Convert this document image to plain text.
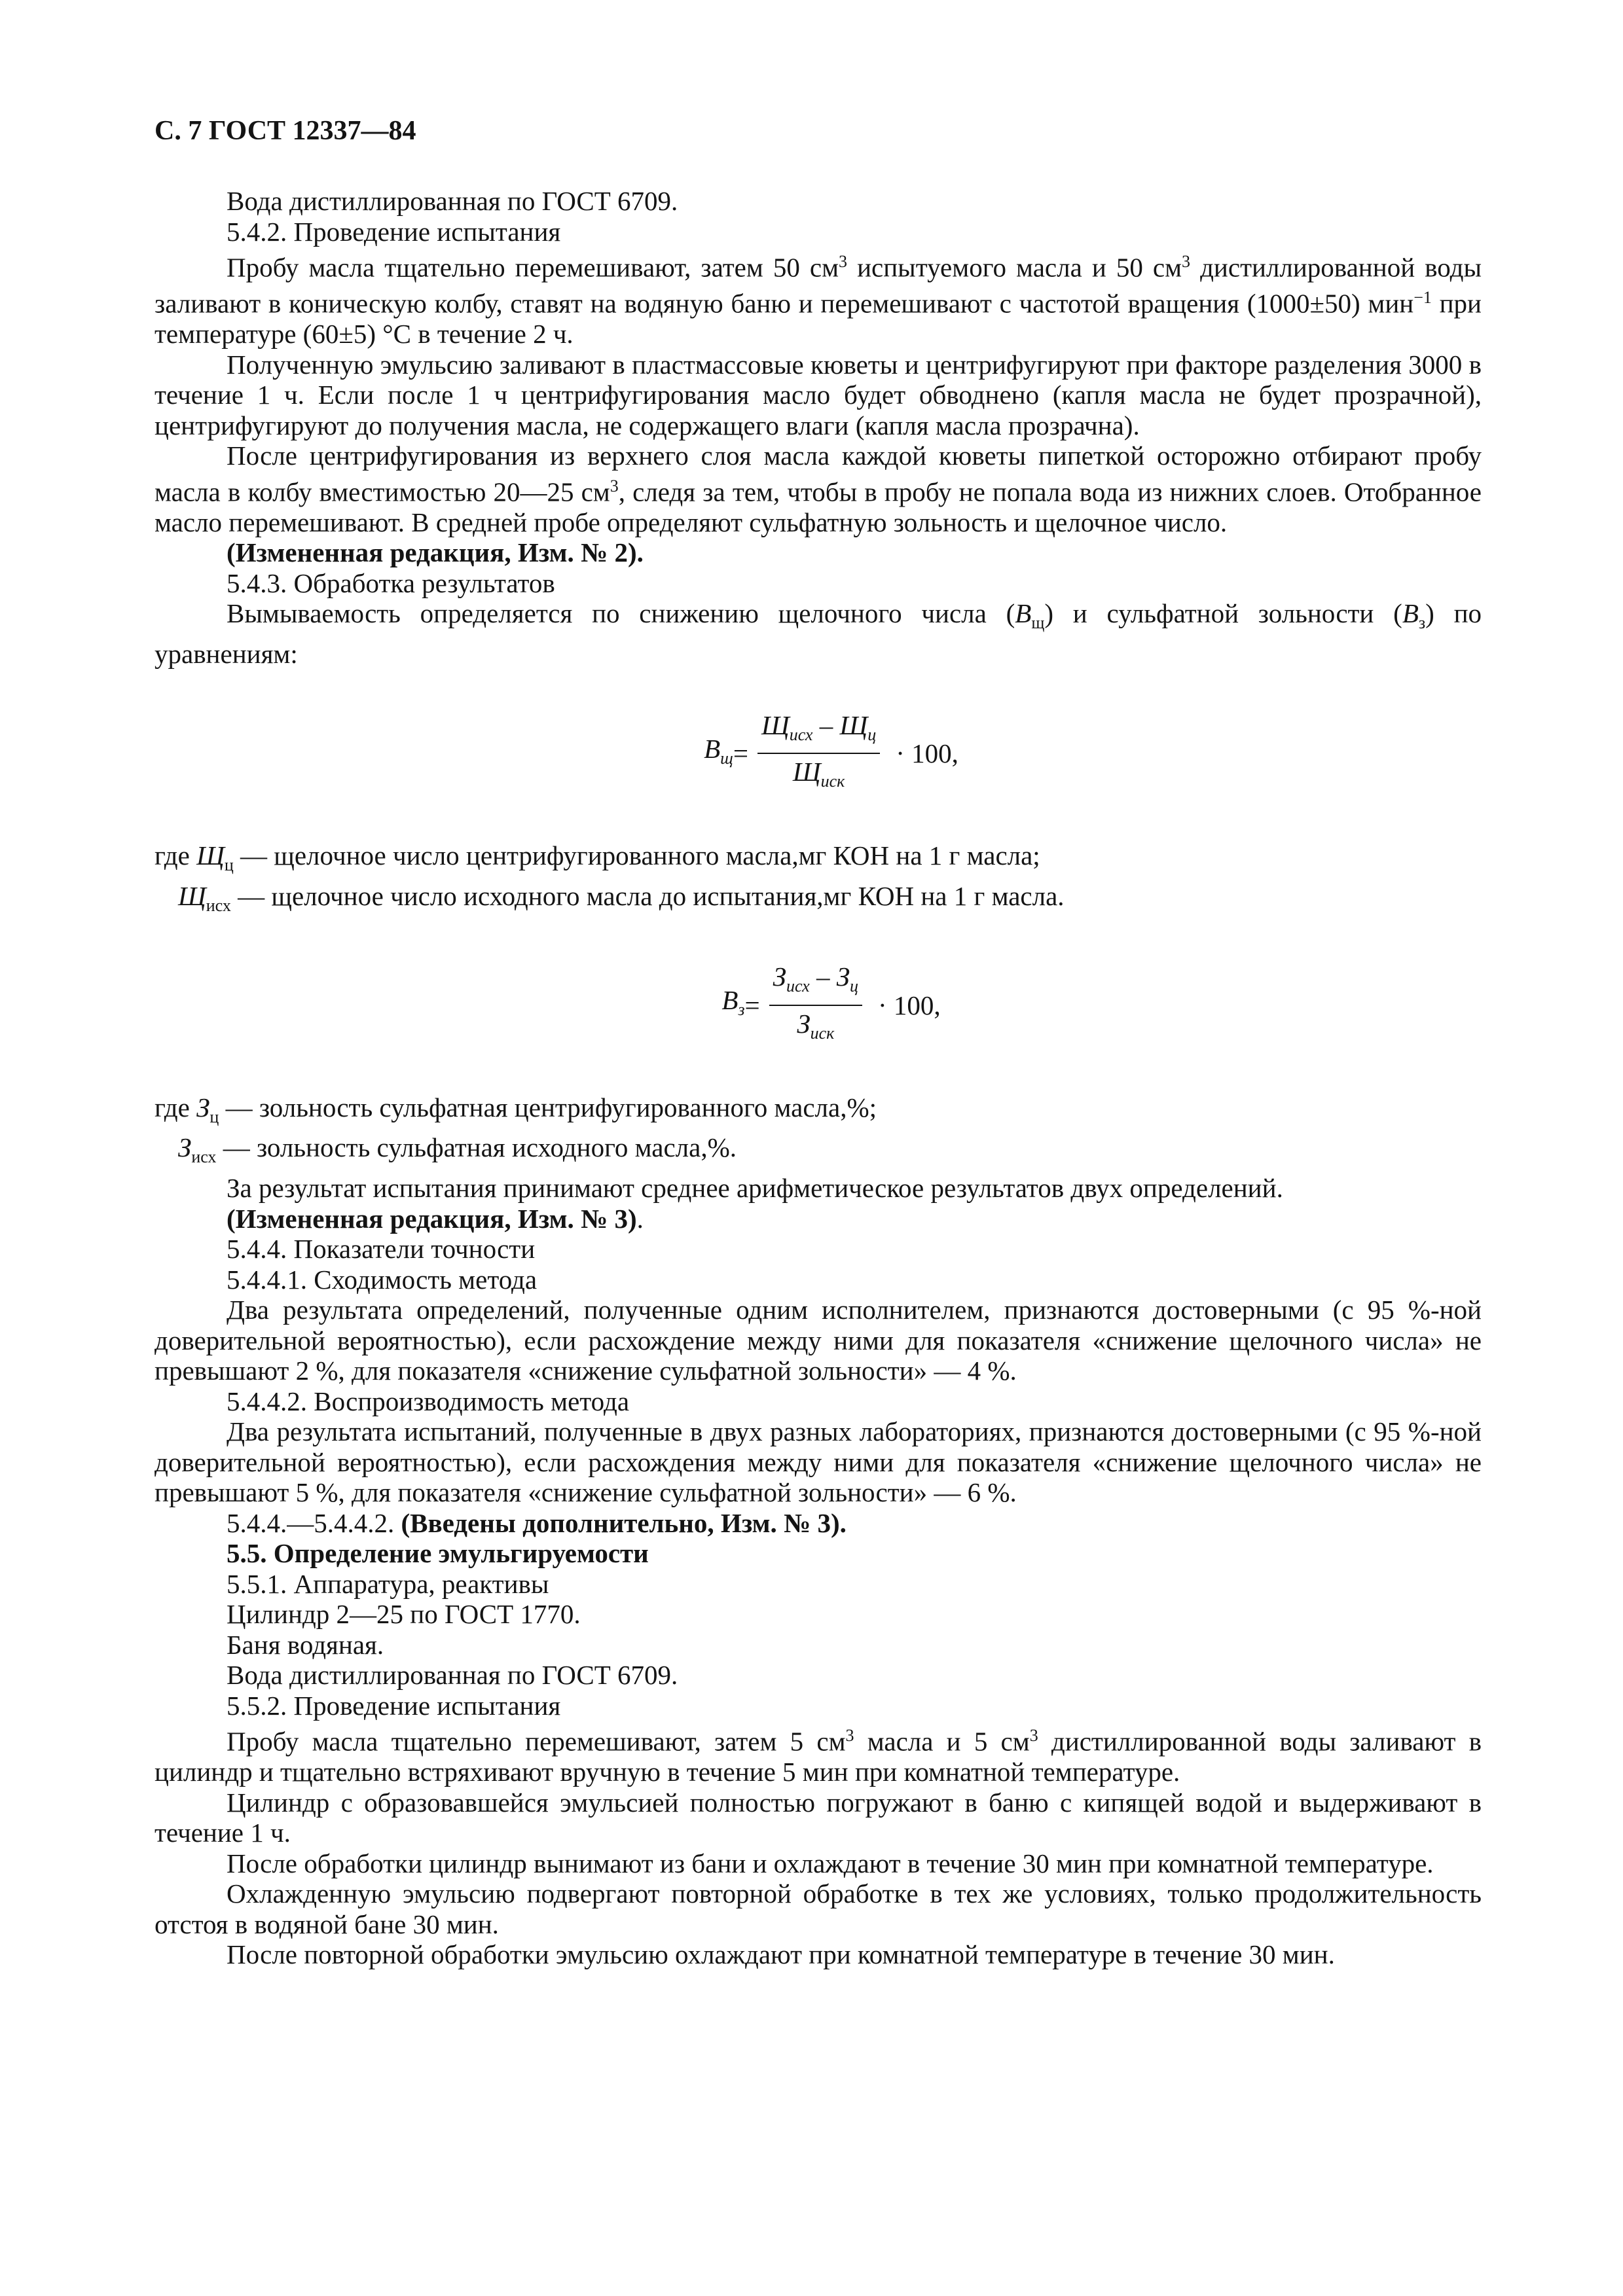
С. 7 ГОСТ 12337—84

Вода дистиллированная по ГОСТ 6709.

5.4.2. Проведение испытания

Пробу масла тщательно перемешивают, затем 50 $см^3$ испытуемого масла и 50 $см^3$ дистиллированной воды заливают в коническую колбу, ставят на водяную баню и перемешивают с частотой вращения (1000±50) мин$^{-1}$ при температуре (60±5) °С в течение 2 ч.

Полученную эмульсию заливают в пластмассовые кюветы и центрифугируют при факторе разделения 3000 в течение 1 ч. Если после 1 ч центрифугирования масло будет обводнено (капля масла не будет прозрачной), центрифугируют до получения масла, не содержащего влаги (капля масла прозрачна).

После центрифугирования из верхнего слоя масла каждой кюветы пипеткой осторожно отбирают пробу масла в колбу вместимостью 20—25 $см^3$, следя за тем, чтобы в пробу не попала вода из нижних слоев. Отобранное масло перемешивают. В средней пробе определяют сульфатную зольность и щелочное число.

(Измененная редакция, Изм. № 2).

5.4.3. Обработка результатов

Вымываемость определяется по снижению щелочного числа $(В_щ)$ и сульфатной зольности $(В_з)$ по уравнениям:

$В_щ = \frac{Щ_{исх} - Щ_ц}{Щ_{иск}} \cdot 100$,

где $Щ_ц$ — щелочное число центрифугированного масла,мг КОН на 1 г масла;

$Щ_{исх}$ — щелочное число исходного масла до испытания,мг КОН на 1 г масла.

$В_з = \frac{З_{исх} - З_ц}{З_{иск}} \cdot 100$,

где $З_ц$ — зольность сульфатная центрифугированного масла,%;

$З_{исх}$ — зольность сульфатная исходного масла,%.

За результат испытания принимают среднее арифметическое результатов двух определений.

(Измененная редакция, Изм. № 3).

5.4.4. Показатели точности

5.4.4.1. Сходимость метода

Два результата определений, полученные одним исполнителем, признаются достоверными (с 95 %-ной доверительной вероятностью), если расхождение между ними для показателя «снижение щелочного числа» не превышают 2 %, для показателя «снижение сульфатной зольности» — 4 %.

5.4.4.2. Воспроизводимость метода

Два результата испытаний, полученные в двух разных лабораториях, признаются достоверными (с 95 %-ной доверительной вероятностью), если расхождения между ними для показателя «снижение щелочного числа» не превышают 5 %, для показателя «снижение сульфатной зольности» — 6 %.

5.4.4.—5.4.4.2. (Введены дополнительно, Изм. № 3).

5.5. Определение эмульгируемости

5.5.1. Аппаратура, реактивы

Цилиндр 2—25 по ГОСТ 1770.

Баня водяная.

Вода дистиллированная по ГОСТ 6709.

5.5.2. Проведение испытания

Пробу масла тщательно перемешивают, затем 5 $см^3$ масла и 5 $см^3$ дистиллированной воды заливают в цилиндр и тщательно встряхивают вручную в течение 5 мин при комнатной температуре.

Цилиндр с образовавшейся эмульсией полностью погружают в баню с кипящей водой и выдерживают в течение 1 ч.

После обработки цилиндр вынимают из бани и охлаждают в течение 30 мин при комнатной температуре.

Охлажденную эмульсию подвергают повторной обработке в тех же условиях, только продолжительность отстоя в водяной бане 30 мин.

После повторной обработки эмульсию охлаждают при комнатной температуре в течение 30 мин.
